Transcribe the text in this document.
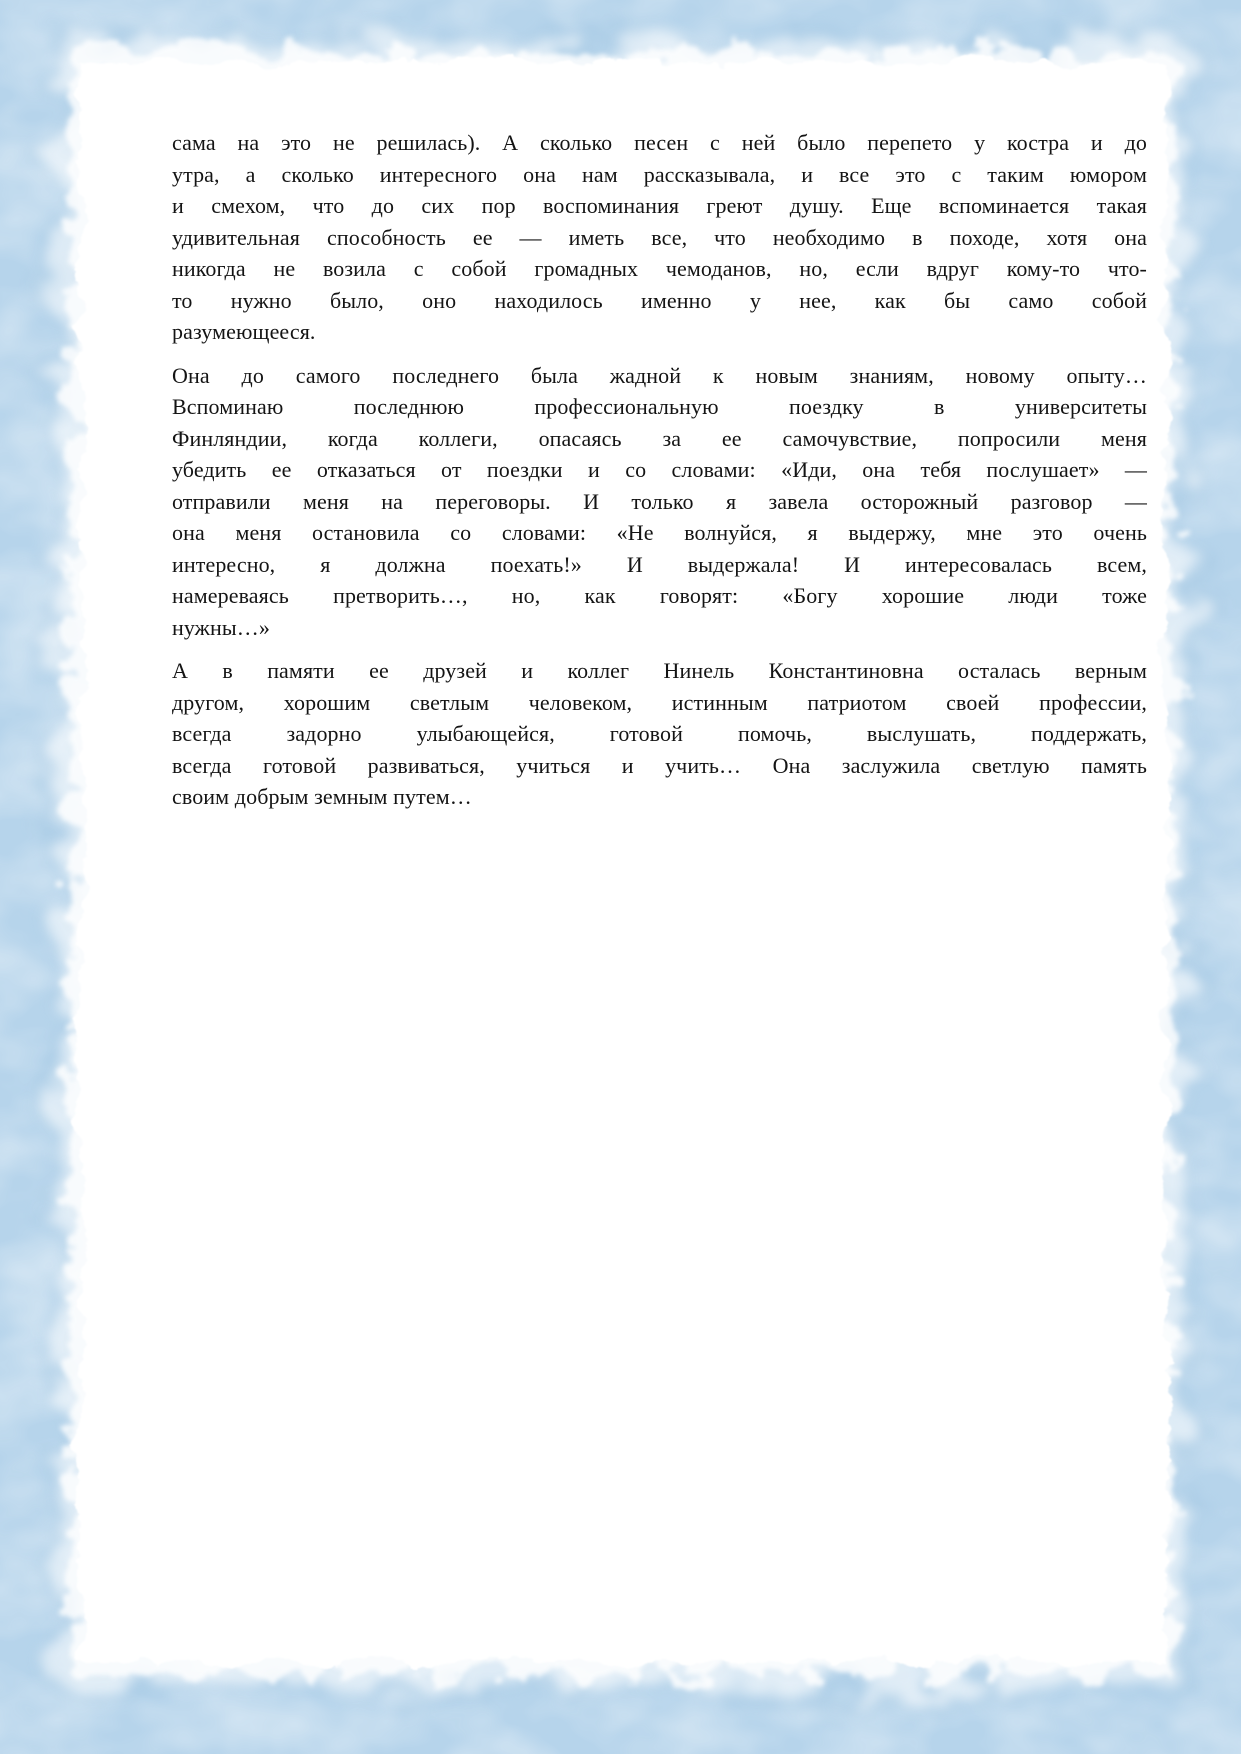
сама на это не решилась). А сколько песен с ней было перепето у костра и до
утра, а сколько интересного она нам рассказывала, и все это с таким юмором
и смехом, что до сих пор воспоминания греют душу. Еще вспоминается такая
удивительная способность ее — иметь все, что необходимо в походе, хотя она
никогда не возила с собой громадных чемоданов, но, если вдруг кому-то что-
то нужно было, оно находилось именно у нее, как бы само собой
разумеющееся.
Она до самого последнего была жадной к новым знаниям, новому опыту…
Вспоминаю последнюю профессиональную поездку в университеты
Финляндии, когда коллеги, опасаясь за ее самочувствие, попросили меня
убедить ее отказаться от поездки и со словами: «Иди, она тебя послушает» —
отправили меня на переговоры. И только я завела осторожный разговор —
она меня остановила со словами: «Не волнуйся, я выдержу, мне это очень
интересно, я должна поехать!» И выдержала! И интересовалась всем,
намереваясь претворить…, но, как говорят: «Богу хорошие люди тоже
нужны…»
А в памяти ее друзей и коллег Нинель Константиновна осталась верным
другом, хорошим светлым человеком, истинным патриотом своей профессии,
всегда задорно улыбающейся, готовой помочь, выслушать, поддержать,
всегда готовой развиваться, учиться и учить… Она заслужила светлую память
своим добрым земным путем…
